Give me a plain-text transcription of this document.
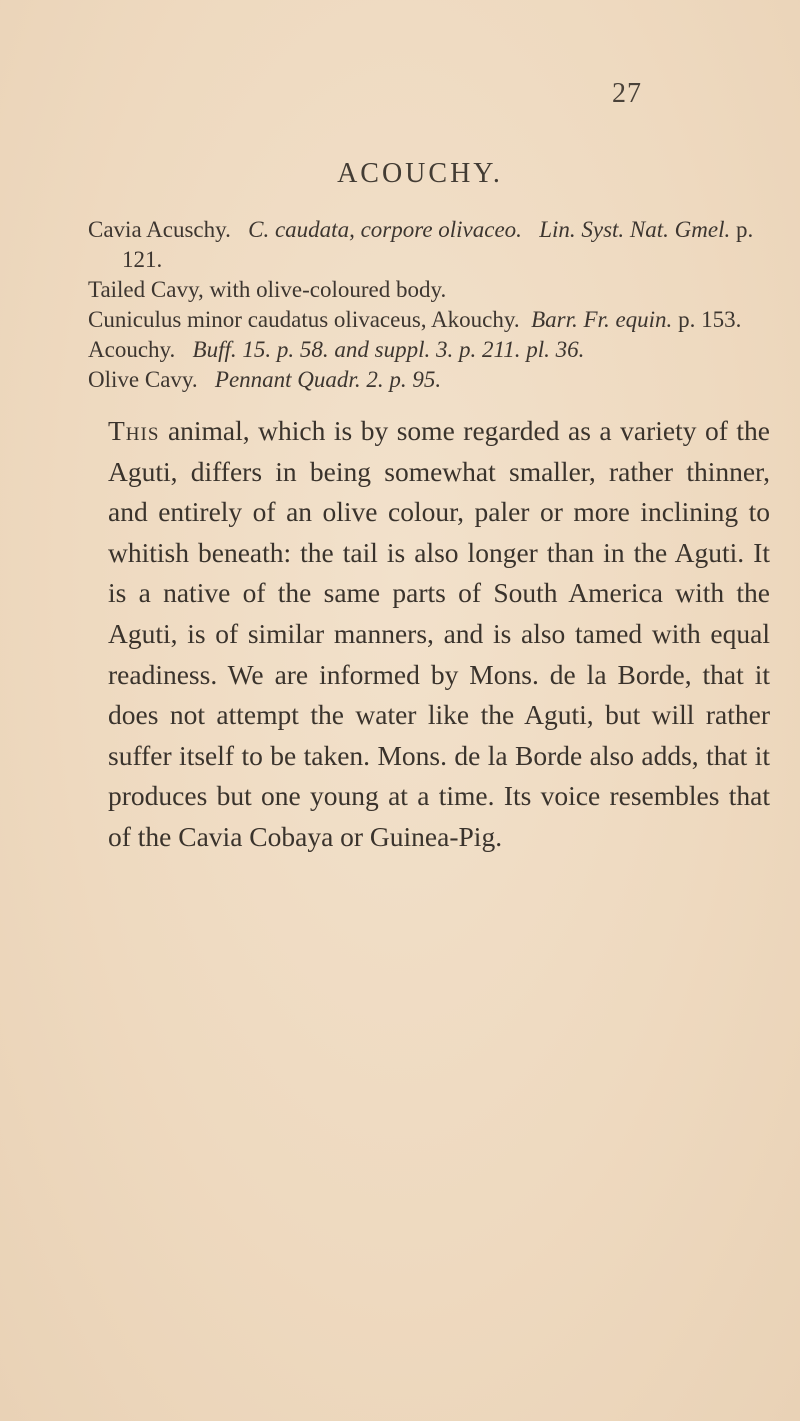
27
ACOUCHY.

Cavia Acuschy. C. caudata, corpore olivaceo. Lin. Syst. Nat. Gmel. p. 121.

Tailed Cavy, with olive-coloured body.

Cuniculus minor caudatus olivaceus, Akouchy. Barr. Fr. equin. p. 153.

Acouchy. Buff. 15. p. 58. and suppl. 3. p. 211. pl. 36.

Olive Cavy. Pennant Quadr. 2. p. 95.

This animal, which is by some regarded as a variety of the Aguti, differs in being somewhat smaller, rather thinner, and entirely of an olive colour, paler or more inclining to whitish beneath: the tail is also longer than in the Aguti. It is a native of the same parts of South America with the Aguti, is of similar manners, and is also tamed with equal readiness. We are informed by Mons. de la Borde, that it does not attempt the water like the Aguti, but will rather suffer itself to be taken. Mons. de la Borde also adds, that it produces but one young at a time. Its voice resembles that of the Cavia Cobaya or Guinea-Pig.
